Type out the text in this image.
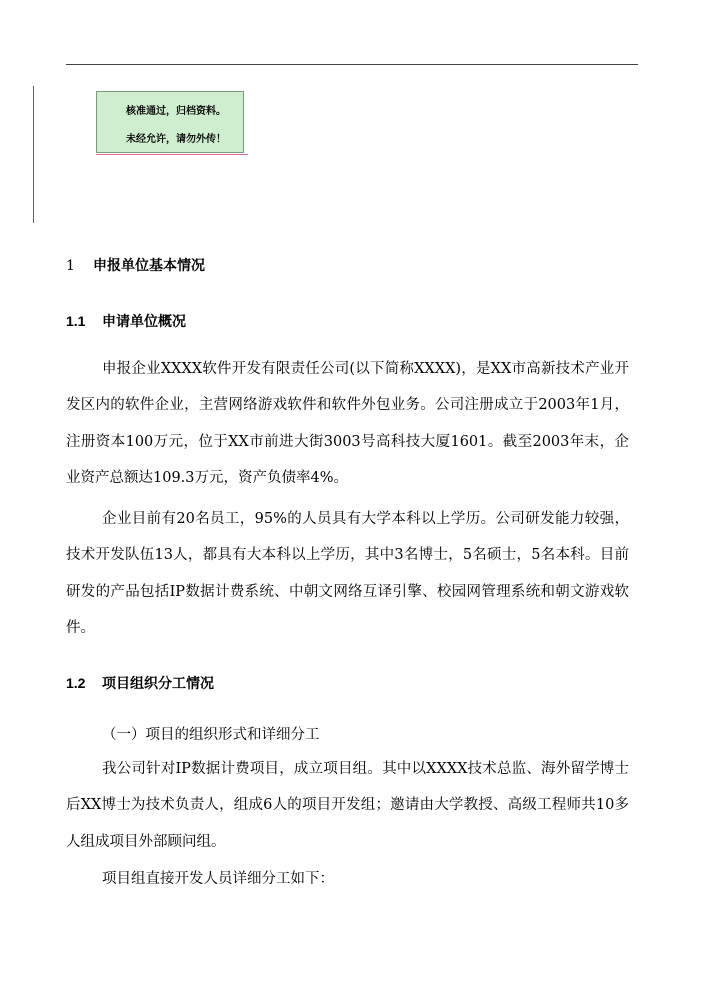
核准通过，归档资料。
未经允许，请勿外传！
1 申报单位基本情况
1.1 申请单位概况

申报企业XXXX软件开发有限责任公司(以下简称XXXX)，是XX市高新技术产业开发区内的软件企业，主营网络游戏软件和软件外包业务。公司注册成立于2003年1月，注册资本100万元，位于XX市前进大街3003号高科技大厦1601。截至2003年末，企业资产总额达109.3万元，资产负债率4%。

企业目前有20名员工，95%的人员具有大学本科以上学历。公司研发能力较强，技术开发队伍13人，都具有大本科以上学历，其中3名博士，5名硕士，5名本科。目前研发的产品包括IP数据计费系统、中朝文网络互译引擎、校园网管理系统和朝文游戏软件。

1.2 项目组织分工情况
（一）项目的组织形式和详细分工

我公司针对IP数据计费项目，成立项目组。其中以XXXX技术总监、海外留学博士后XX博士为技术负责人，组成6人的项目开发组；邀请由大学教授、高级工程师共10多人组成项目外部顾问组。

项目组直接开发人员详细分工如下：
